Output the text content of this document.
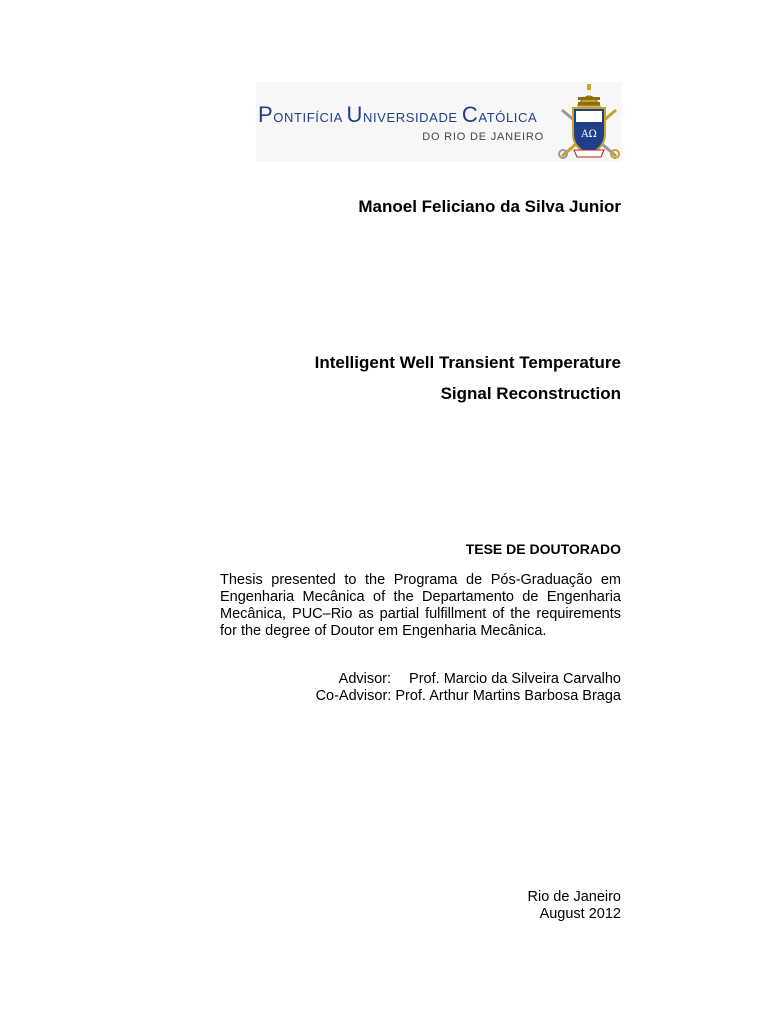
PONTIFÍCIA UNIVERSIDADE CATÓLICA
DO RIO DE JANEIRO	ΑΩ
Manoel Feliciano da Silva Junior
Intelligent Well Transient Temperature
Signal Reconstruction
TESE DE DOUTORADO
Thesis presented to the Programa de Pós-Graduação em Engenharia Mecânica of the Departamento de Engenharia Mecânica, PUC–Rio as partial fulfillment of the requirements for the degree of Doutor em Engenharia Mecânica.
Advisor: Prof. Marcio da Silveira Carvalho
Co-Advisor: Prof. Arthur Martins Barbosa Braga
Rio de Janeiro
August 2012
